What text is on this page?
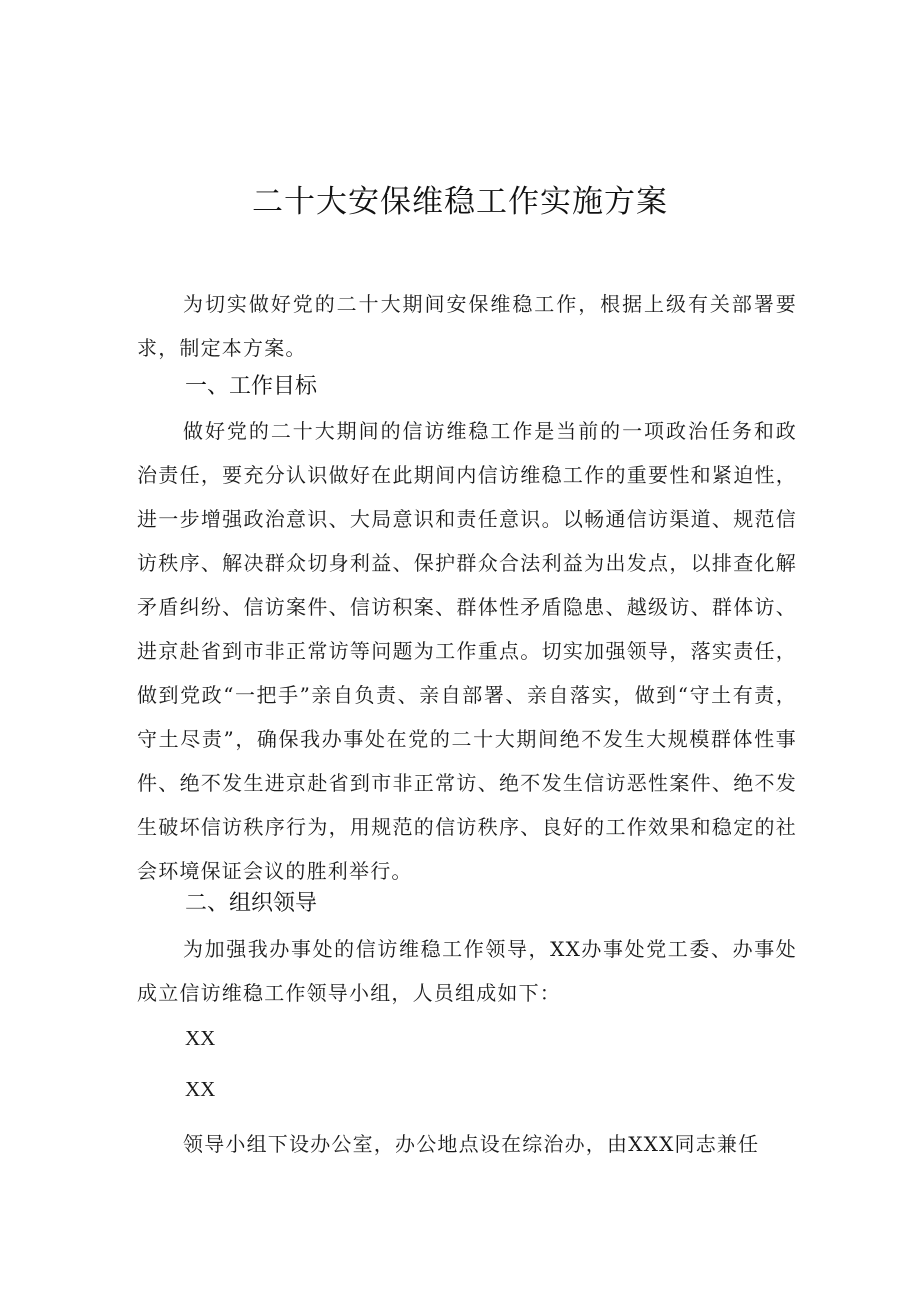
二十大安保维稳工作实施方案

为切实做好党的二十大期间安保维稳工作，根据上级有关部署要求，制定本方案。

一、工作目标

做好党的二十大期间的信访维稳工作是当前的一项政治任务和政治责任，要充分认识做好在此期间内信访维稳工作的重要性和紧迫性，进一步增强政治意识、大局意识和责任意识。以畅通信访渠道、规范信访秩序、解决群众切身利益、保护群众合法利益为出发点，以排查化解矛盾纠纷、信访案件、信访积案、群体性矛盾隐患、越级访、群体访、进京赴省到市非正常访等问题为工作重点。切实加强领导，落实责任，做到党政“一把手”亲自负责、亲自部署、亲自落实，做到“守土有责，守土尽责”，确保我办事处在党的二十大期间绝不发生大规模群体性事件、绝不发生进京赴省到市非正常访、绝不发生信访恶性案件、绝不发生破坏信访秩序行为，用规范的信访秩序、良好的工作效果和稳定的社会环境保证会议的胜利举行。

二、组织领导

为加强我办事处的信访维稳工作领导，XX办事处党工委、办事处成立信访维稳工作领导小组，人员组成如下：

XX

XX

领导小组下设办公室，办公地点设在综治办，由XXX同志兼任
